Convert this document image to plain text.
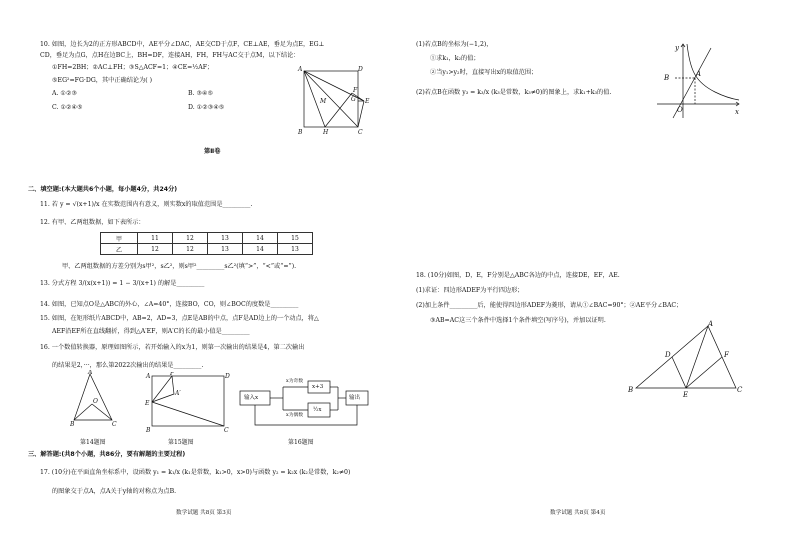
10. 如图，边长为2的正方形ABCD中，AE平分∠DAC，AE交CD于点F，CE⊥AE，垂足为点E，EG⊥
CD，垂足为点G，点H在边BC上，BH=DF，连接AH，FH，FH与AC交于点M，以下结论：
①FH=2BH；②AC⊥FH；③S△ACF=1；④CE=½AF；
⑤EG²=FG·DG，其中正确结论为( )
A. ①②③	B. ③④⑤
C. ①②④⑤	D. ①②③④⑤
A	D
B	H	C
M
F
G E
第Ⅱ卷
二、填空题:(本大题共6个小题，每小题4分，共24分)
11. 若 y = √(x+1)/x 在实数范围内有意义，则实数x的取值范围是_________.
12. 有甲、乙两组数据，如下表所示：
甲	11	12	13	14	15
乙	12	12	13	14	13
甲、乙两组数据的方差分别为s甲²，s乙²，则s甲²_________s乙²(填“>”，“<”或“=”).
13. 分式方程 3/(x(x+1)) = 1 − 3/(x+1) 的解是_________
14. 如图，已知点O是△ABC的外心，∠A=40°，连接BO，CO，则∠BOC的度数是_________
15. 如图，在矩形纸片ABCD中，AB=2，AD=3，点E是AB的中点，点F是AD边上的一个动点，将△
AEF沿EF所在直线翻折，得到△A′EF，则A′C的长的最小值是_________
16. 一个数值转换器，原理如图所示，若开始输入的x为1，则第一次输出的结果是4，第二次输出
的结果是2，···，那么第2022次输出的结果是_________.
A
B	C
O
A	F	D
E
A′
B	C
输入x
x为奇数
x为偶数
x+3
½x
输出
第14题图	第15题图	第16题图
三、解答题:(共8个小题，共86分，要有解题的主要过程)
17. (10分)在平面直角坐标系中，设函数 y₁ = k₁/x (k₁是常数，k₁>0，x>0)与函数 y₂ = k₂x (k₂是常数，k₂≠0)
的图象交于点A，点A关于y轴的对称点为点B.
数学试题 共8页 第3页
(1)若点B的坐标为(−1,2)，
①求k₁，k₂的值；
②当y₁>y₂时，直接写出x的取值范围；
(2)若点B在函数 y₃ = k₃/x (k₃是常数，k₃≠0)的图象上，求k₁+k₃的值.
y
x
O
A
B
18. (10分)如图，D，E，F分别是△ABC各边的中点，连接DE，EF，AE.
(1)求证：四边形ADEF为平行四边形；
(2)加上条件_________后，能使得四边形ADEF为菱形，请从①∠BAC=90°；②AE平分∠BAC；
③AB=AC这三个条件中选择1个条件填空(写序号)，并加以证明.	A
B	C
D	F
E
数学试题 共8页 第4页
